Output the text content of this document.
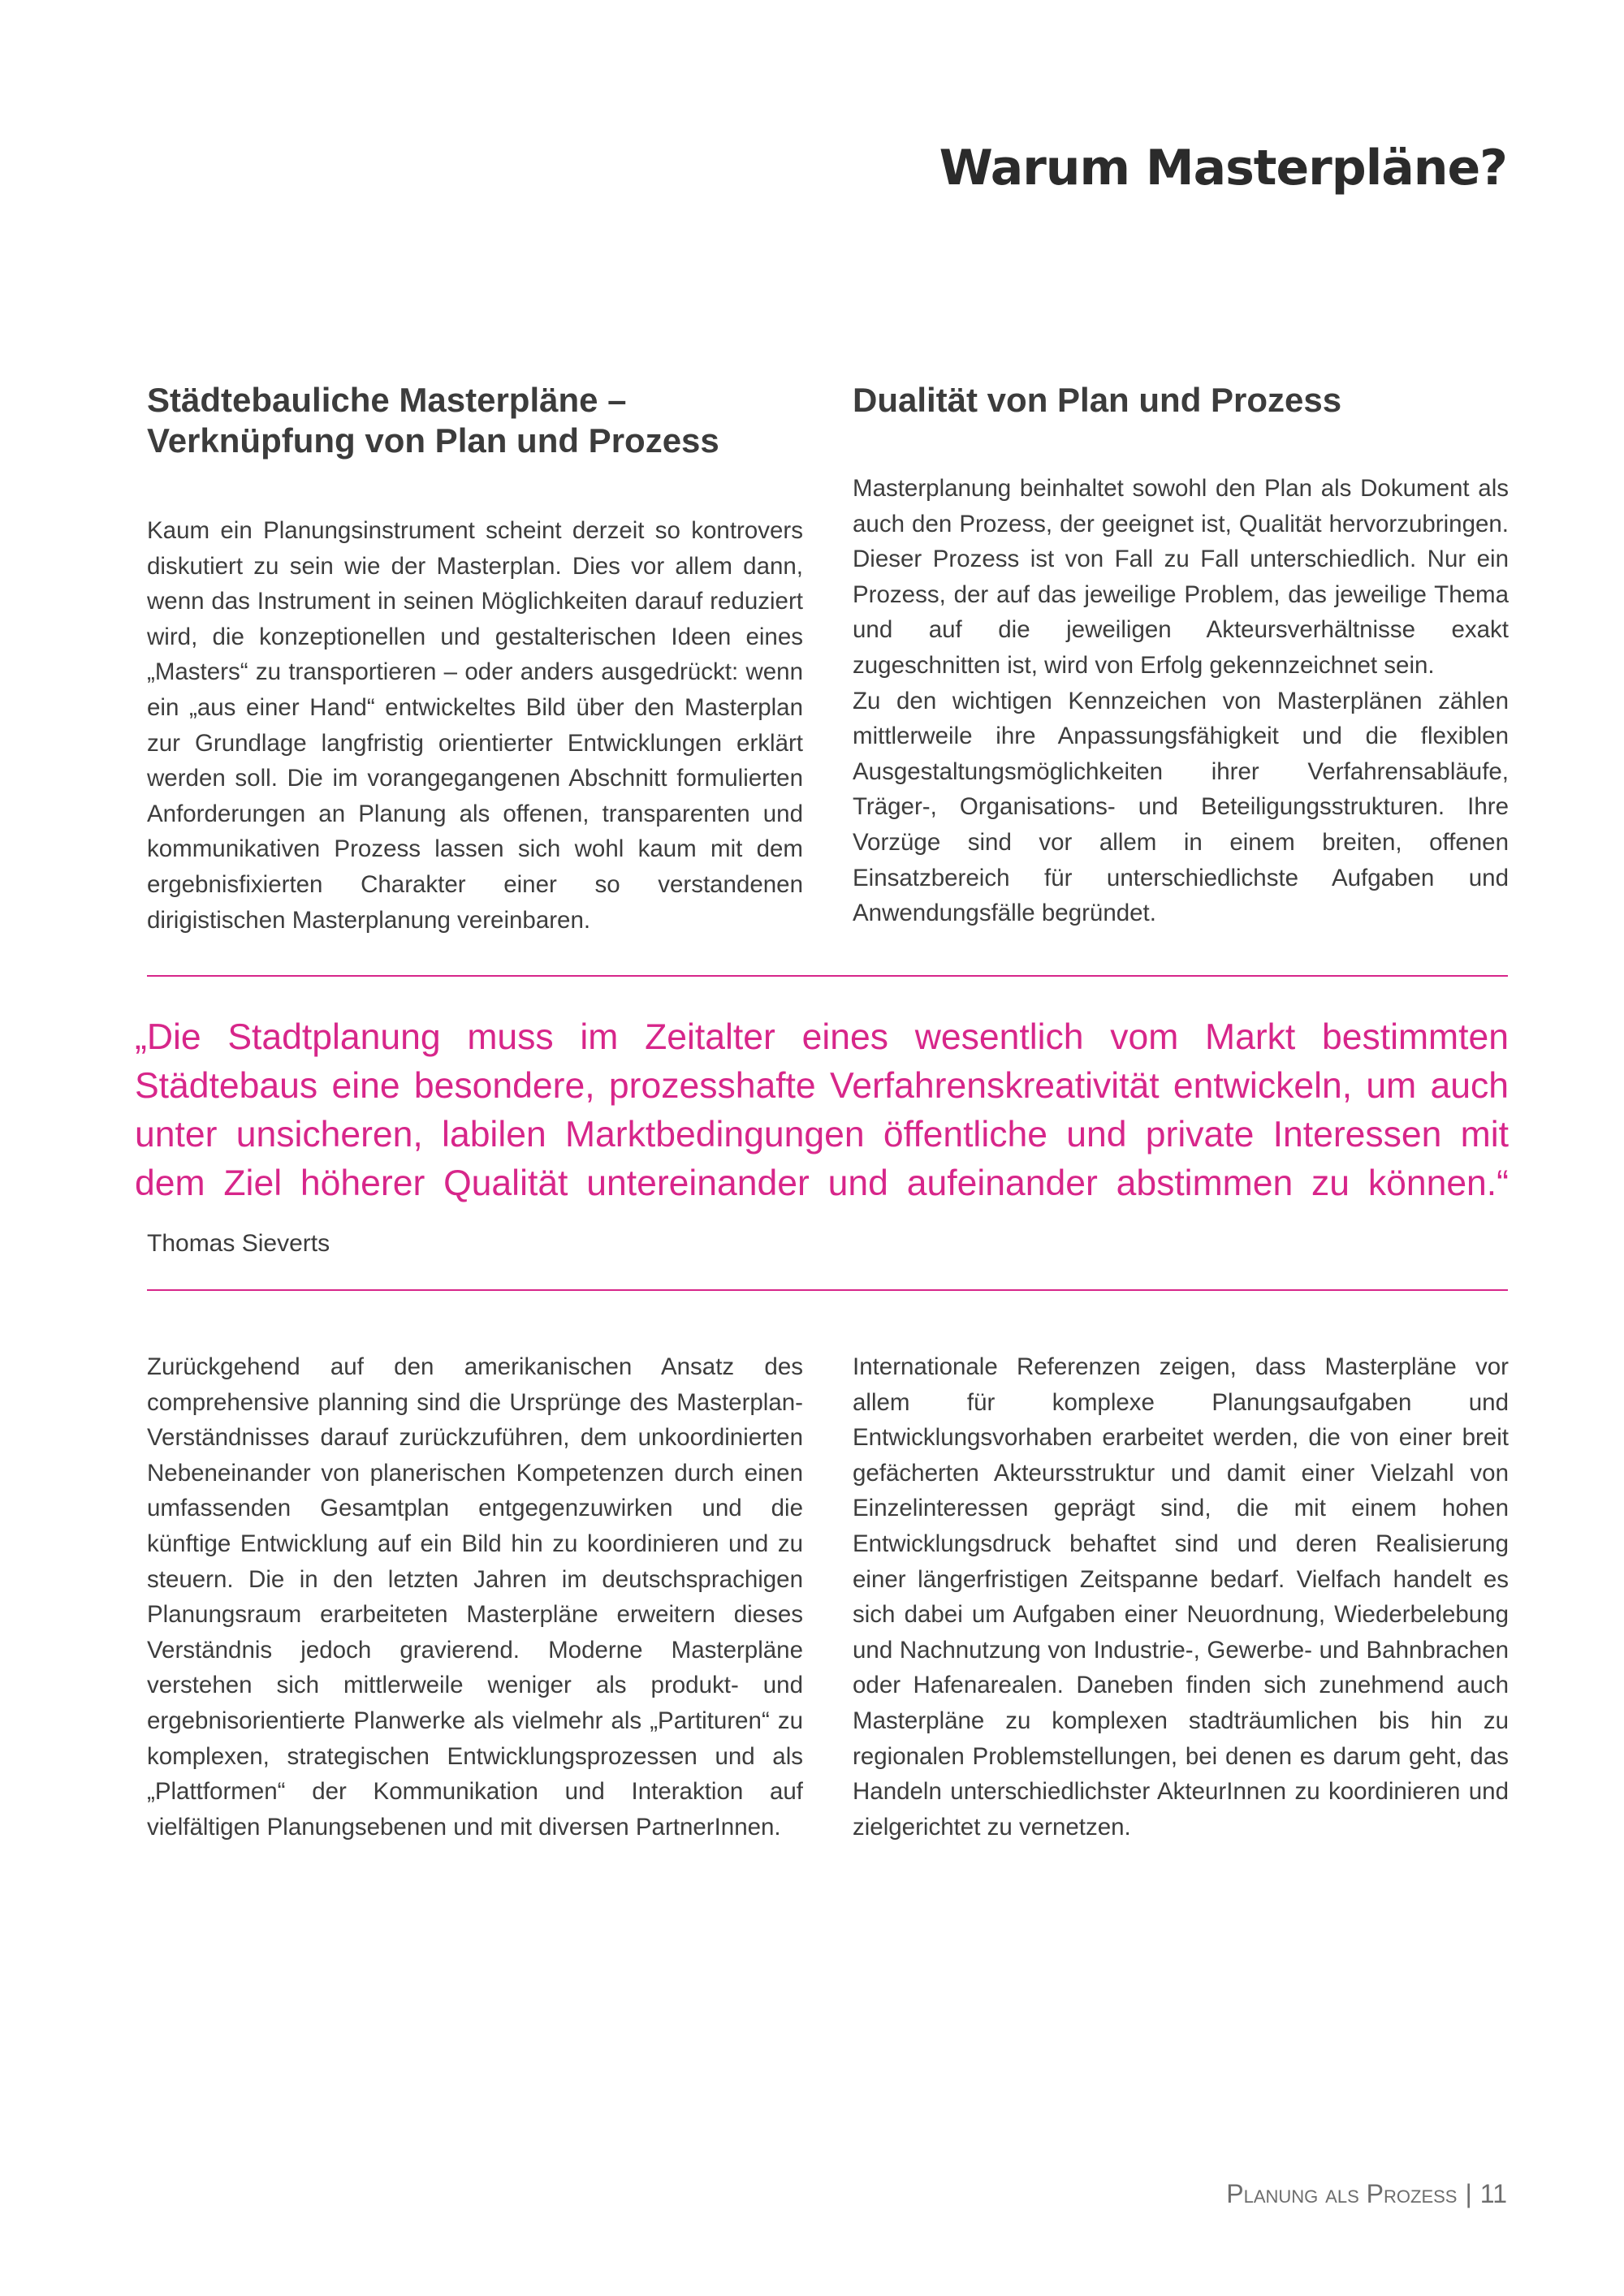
Warum Masterpläne?
Städtebauliche Masterpläne –
Verknüpfung von Plan und Prozess

Kaum ein Planungsinstrument scheint derzeit so kontrovers diskutiert zu sein wie der Masterplan. Dies vor allem dann, wenn das Instrument in seinen Möglichkeiten darauf reduziert wird, die konzeptionellen und gestalterischen Ideen eines „Masters“ zu transportieren – oder anders ausgedrückt: wenn ein „aus einer Hand“ entwickeltes Bild über den Masterplan zur Grundlage langfristig orientierter Entwicklungen erklärt werden soll. Die im vorangegangenen Abschnitt formulierten Anforderungen an Planung als offenen, transparenten und kommunikativen Prozess lassen sich wohl kaum mit dem ergebnisfixierten Charakter einer so verstandenen dirigistischen Masterplanung vereinbaren.

Dualität von Plan und Prozess

Masterplanung beinhaltet sowohl den Plan als Dokument als auch den Prozess, der geeignet ist, Qualität hervorzubringen. Dieser Prozess ist von Fall zu Fall unterschiedlich. Nur ein Prozess, der auf das jeweilige Problem, das jeweilige Thema und auf die jeweiligen Akteursverhältnisse exakt zugeschnitten ist, wird von Erfolg gekennzeichnet sein.

Zu den wichtigen Kennzeichen von Masterplänen zählen mittlerweile ihre Anpassungsfähigkeit und die flexiblen Ausgestaltungsmöglichkeiten ihrer Verfahrensabläufe, Träger-, Organisations- und Beteiligungsstrukturen. Ihre Vorzüge sind vor allem in einem breiten, offenen Einsatzbereich für unterschiedlichste Aufgaben und Anwendungsfälle begründet.

„Die Stadtplanung muss im Zeitalter eines wesentlich vom Markt bestimmten Städtebaus eine besondere, prozesshafte Verfahrenskreativität entwickeln, um auch unter unsicheren, labilen Marktbedingungen öffentliche und private Interessen mit dem Ziel höherer Qualität untereinander und aufeinander abstimmen zu können.“

Thomas Sieverts

Zurückgehend auf den amerikanischen Ansatz des comprehensive planning sind die Ursprünge des Masterplan-Verständnisses darauf zurückzuführen, dem unkoordinierten Nebeneinander von planerischen Kompetenzen durch einen umfassenden Gesamtplan entgegenzuwirken und die künftige Entwicklung auf ein Bild hin zu koordinieren und zu steuern. Die in den letzten Jahren im deutschsprachigen Planungsraum erarbeiteten Masterpläne erweitern dieses Verständnis jedoch gravierend. Moderne Masterpläne verstehen sich mittlerweile weniger als produkt- und ergebnisorientierte Planwerke als vielmehr als „Partituren“ zu komplexen, strategischen Entwicklungsprozessen und als „Plattformen“ der Kommunikation und Interaktion auf vielfältigen Planungsebenen und mit diversen PartnerInnen.

Internationale Referenzen zeigen, dass Masterpläne vor allem für komplexe Planungsaufgaben und Entwicklungsvorhaben erarbeitet werden, die von einer breit gefächerten Akteursstruktur und damit einer Vielzahl von Einzelinteressen geprägt sind, die mit einem hohen Entwicklungsdruck behaftet sind und deren Realisierung einer längerfristigen Zeitspanne bedarf. Vielfach handelt es sich dabei um Aufgaben einer Neuordnung, Wiederbelebung und Nachnutzung von Industrie-, Gewerbe- und Bahnbrachen oder Hafenarealen. Daneben finden sich zunehmend auch Masterpläne zu komplexen stadträumlichen bis hin zu regionalen Problemstellungen, bei denen es darum geht, das Handeln unterschiedlichster AkteurInnen zu koordinieren und zielgerichtet zu vernetzen.

Planung als Prozess | 11
